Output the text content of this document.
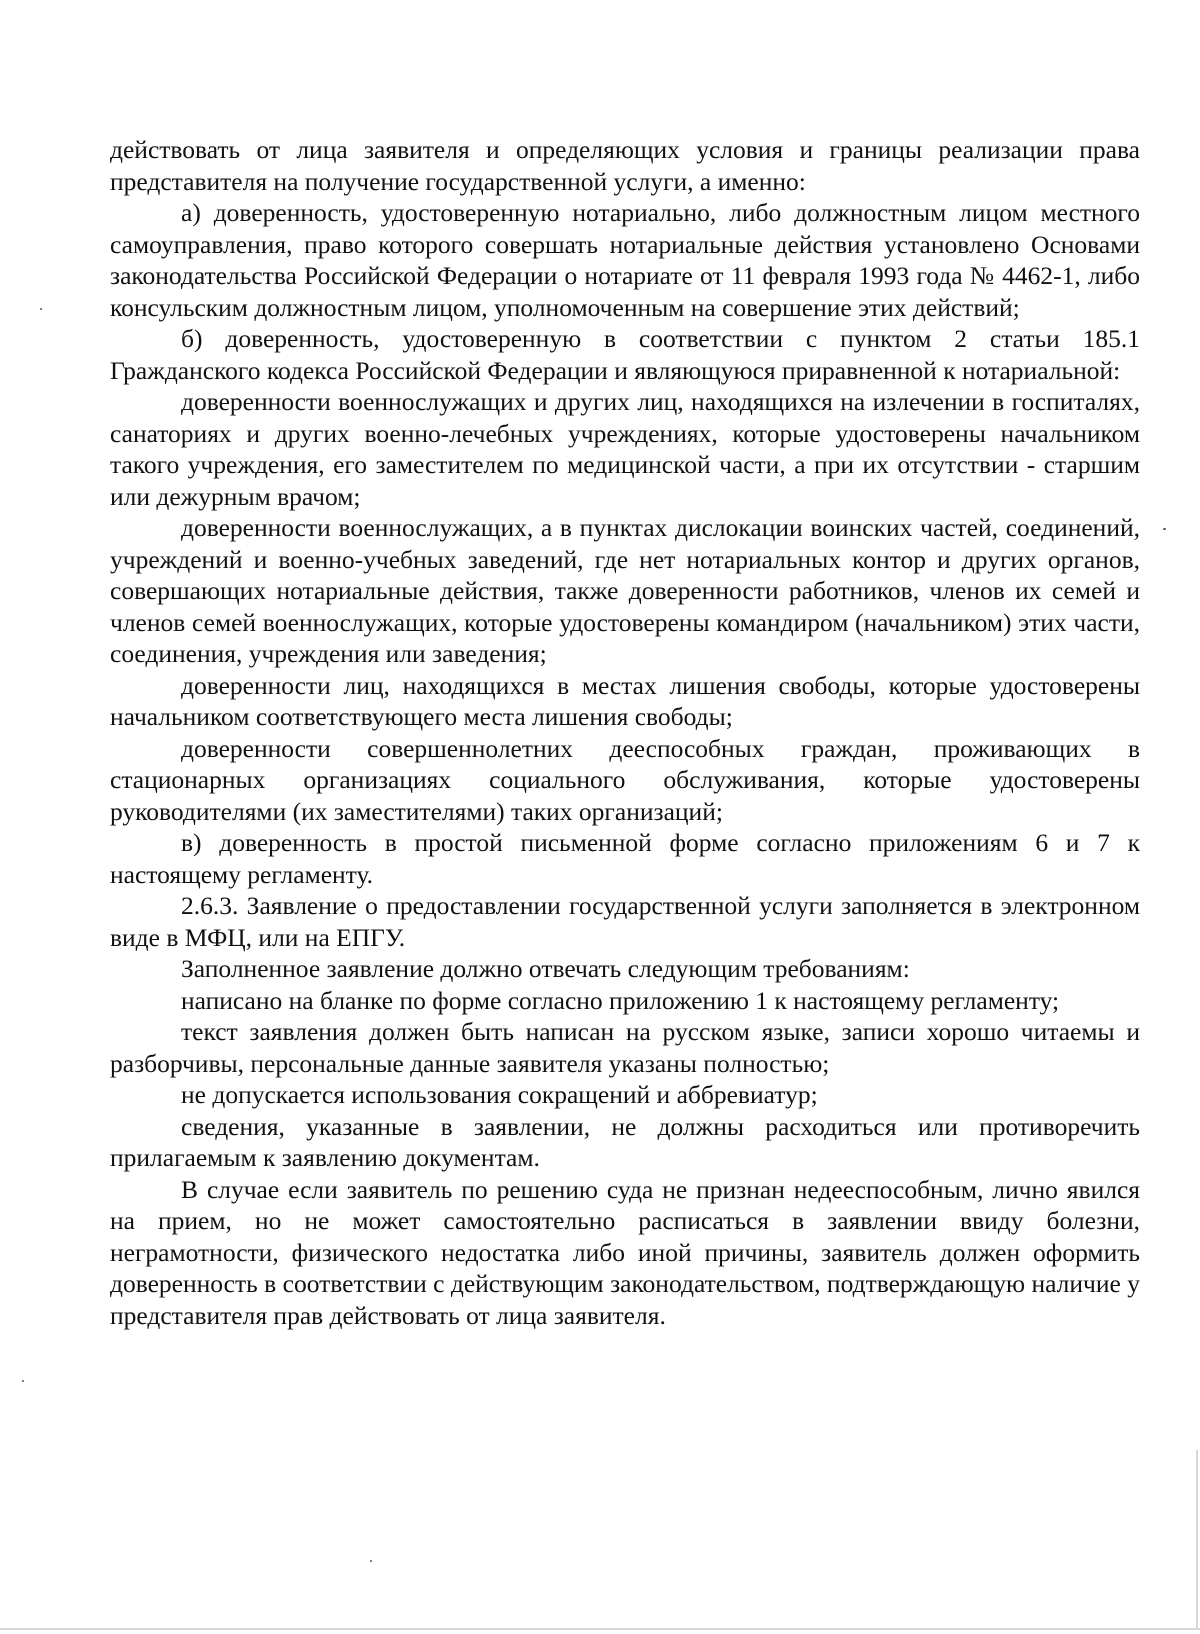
действовать от лица заявителя и определяющих условия и границы реализации права представителя на получение государственной услуги, а именно:

а) доверенность, удостоверенную нотариально, либо должностным лицом местного самоуправления, право которого совершать нотариальные действия установлено Основами законодательства Российской Федерации о нотариате от 11 февраля 1993 года № 4462-1, либо консульским должностным лицом, уполномоченным на совершение этих действий;

б) доверенность, удостоверенную в соответствии с пунктом 2 статьи 185.1 Гражданского кодекса Российской Федерации и являющуюся приравненной к нотариальной:

доверенности военнослужащих и других лиц, находящихся на излечении в госпиталях, санаториях и других военно-лечебных учреждениях, которые удостоверены начальником такого учреждения, его заместителем по медицинской части, а при их отсутствии - старшим или дежурным врачом;

доверенности военнослужащих, а в пунктах дислокации воинских частей, соединений, учреждений и военно-учебных заведений, где нет нотариальных контор и других органов, совершающих нотариальные действия, также доверенности работников, членов их семей и членов семей военнослужащих, которые удостоверены командиром (начальником) этих части, соединения, учреждения или заведения;

доверенности лиц, находящихся в местах лишения свободы, которые удостоверены начальником соответствующего места лишения свободы;

доверенности совершеннолетних дееспособных граждан, проживающих в стационарных организациях социального обслуживания, которые удостоверены руководителями (их заместителями) таких организаций;

в) доверенность в простой письменной форме согласно приложениям 6 и 7 к настоящему регламенту.

2.6.3. Заявление о предоставлении государственной услуги заполняется в электронном виде в МФЦ, или на ЕПГУ.

Заполненное заявление должно отвечать следующим требованиям:

написано на бланке по форме согласно приложению 1 к настоящему регламенту;

текст заявления должен быть написан на русском языке, записи хорошо читаемы и разборчивы, персональные данные заявителя указаны полностью;

не допускается использования сокращений и аббревиатур;

сведения, указанные в заявлении, не должны расходиться или противоречить прилагаемым к заявлению документам.

В случае если заявитель по решению суда не признан недееспособным, лично явился на прием, но не может самостоятельно расписаться в заявлении ввиду болезни, неграмотности, физического недостатка либо иной причины, заявитель должен оформить доверенность в соответствии с действующим законодательством, подтверждающую наличие у представителя прав действовать от лица заявителя.
